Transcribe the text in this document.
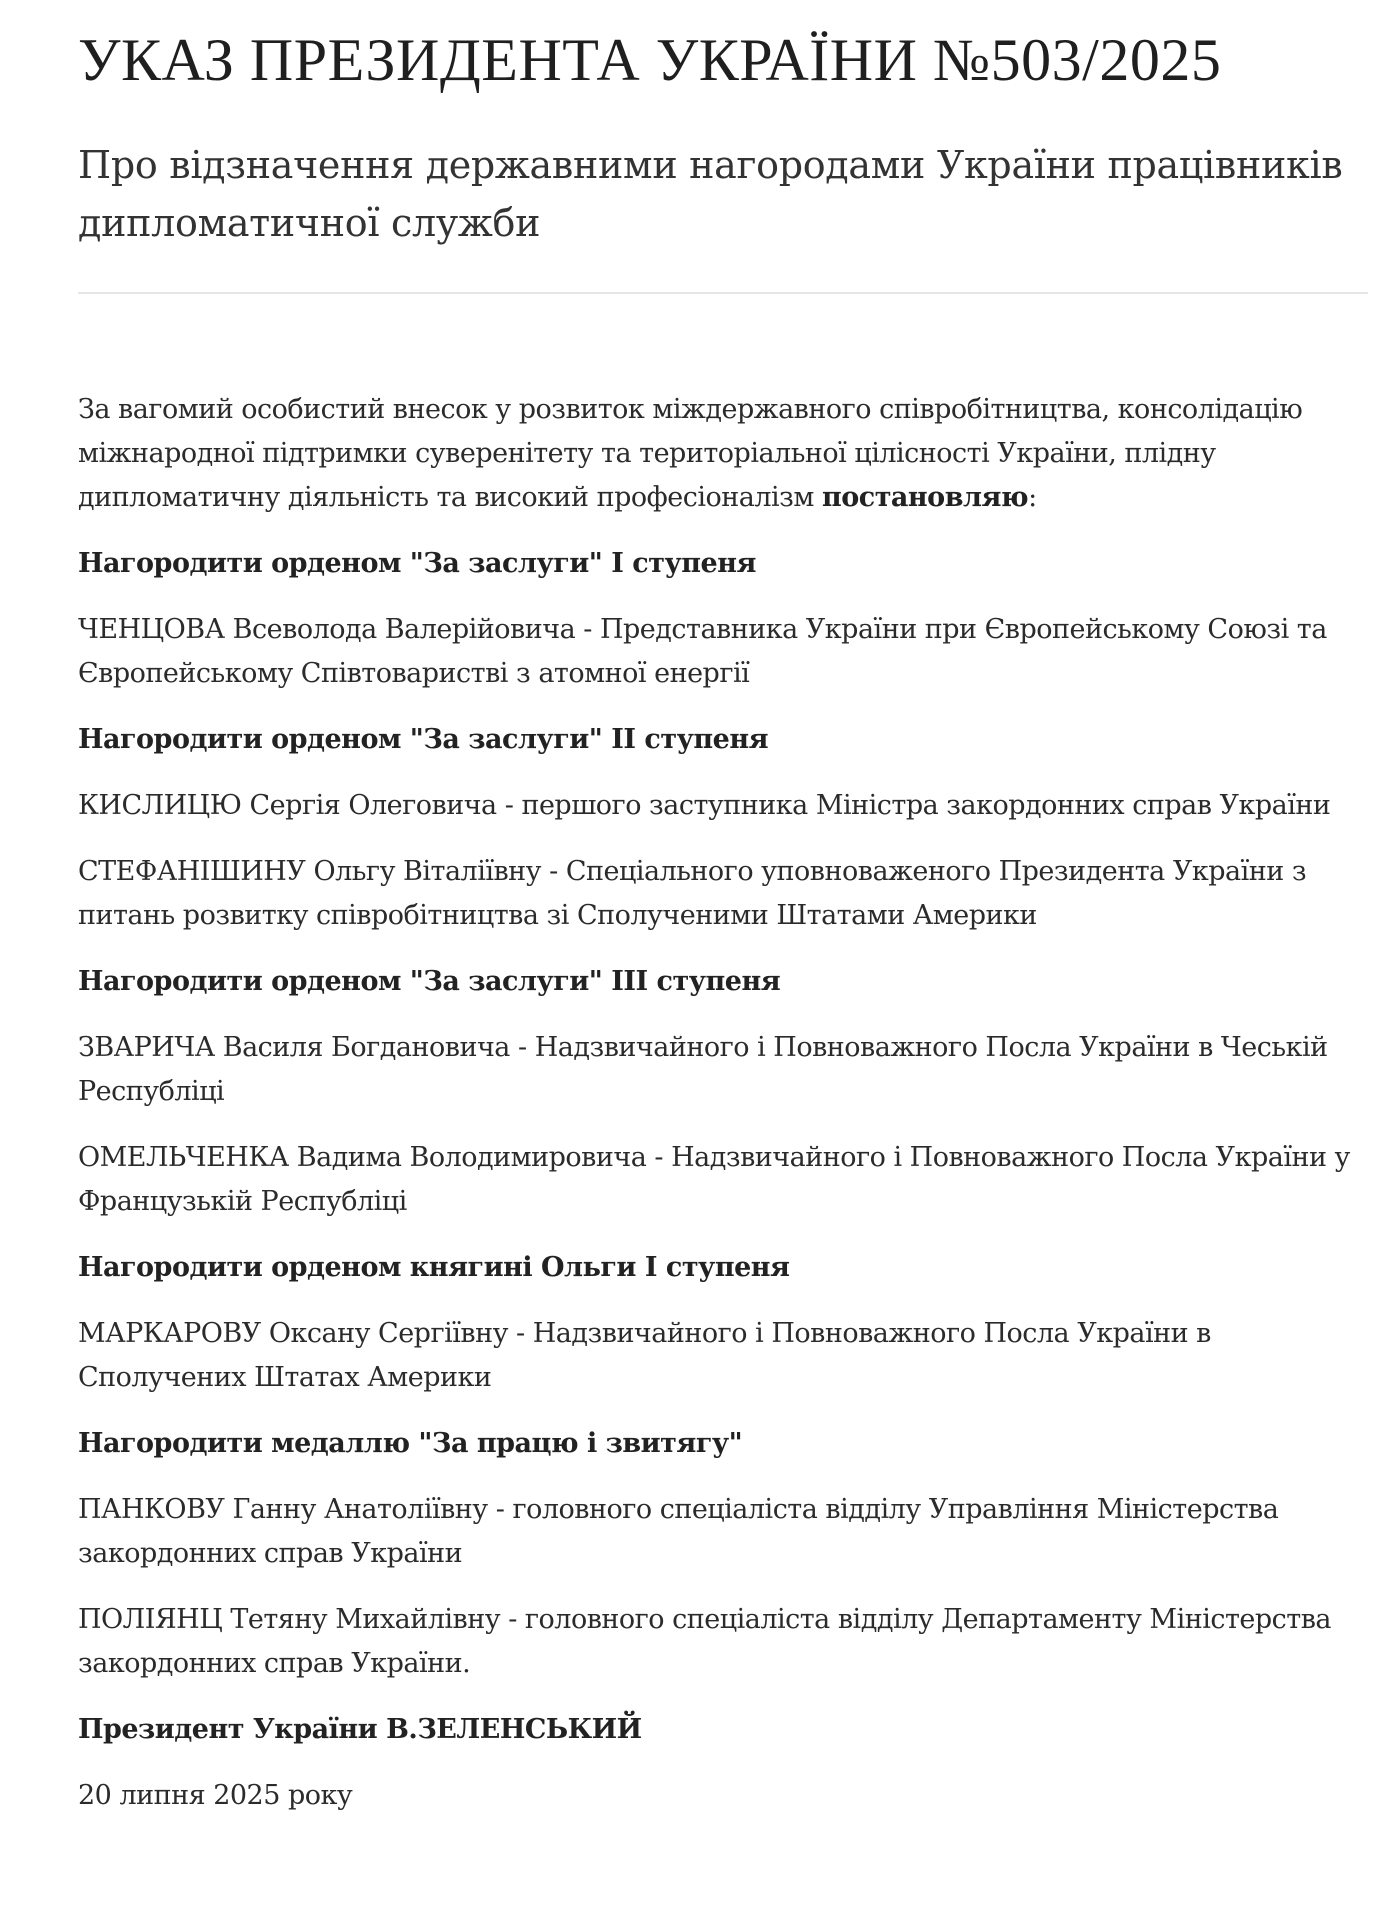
УКАЗ ПРЕЗИДЕНТА УКРАЇНИ №503/2025
Про відзначення державними нагородами України працівників дипломатичної служби

За вагомий особистий внесок у розвиток міждержавного співробітництва, консолідацію міжнародної підтримки суверенітету та територіальної цілісності України, плідну дипломатичну діяльність та високий професіоналізм постановляю:

Нагородити орденом "За заслуги" І ступеня

ЧЕНЦОВА Всеволода Валерійовича - Представника України при Європейському Союзі та Європейському Співтоваристві з атомної енергії

Нагородити орденом "За заслуги" ІІ ступеня

КИСЛИЦЮ Сергія Олеговича - першого заступника Міністра закордонних справ України

СТЕФАНІШИНУ Ольгу Віталіївну - Спеціального уповноваженого Президента України з питань розвитку співробітництва зі Сполученими Штатами Америки

Нагородити орденом "За заслуги" ІІІ ступеня

ЗВАРИЧА Василя Богдановича - Надзвичайного і Повноважного Посла України в Чеській Республіці

ОМЕЛЬЧЕНКА Вадима Володимировича - Надзвичайного і Повноважного Посла України у Французькій Республіці

Нагородити орденом княгині Ольги І ступеня

МАРКАРОВУ Оксану Сергіївну - Надзвичайного і Повноважного Посла України в Сполучених Штатах Америки

Нагородити медаллю "За працю і звитягу"

ПАНКОВУ Ганну Анатоліївну - головного спеціаліста відділу Управління Міністерства закордонних справ України

ПОЛІЯНЦ Тетяну Михайлівну - головного спеціаліста відділу Департаменту Міністерства закордонних справ України.

Президент України В.ЗЕЛЕНСЬКИЙ

20 липня 2025 року
